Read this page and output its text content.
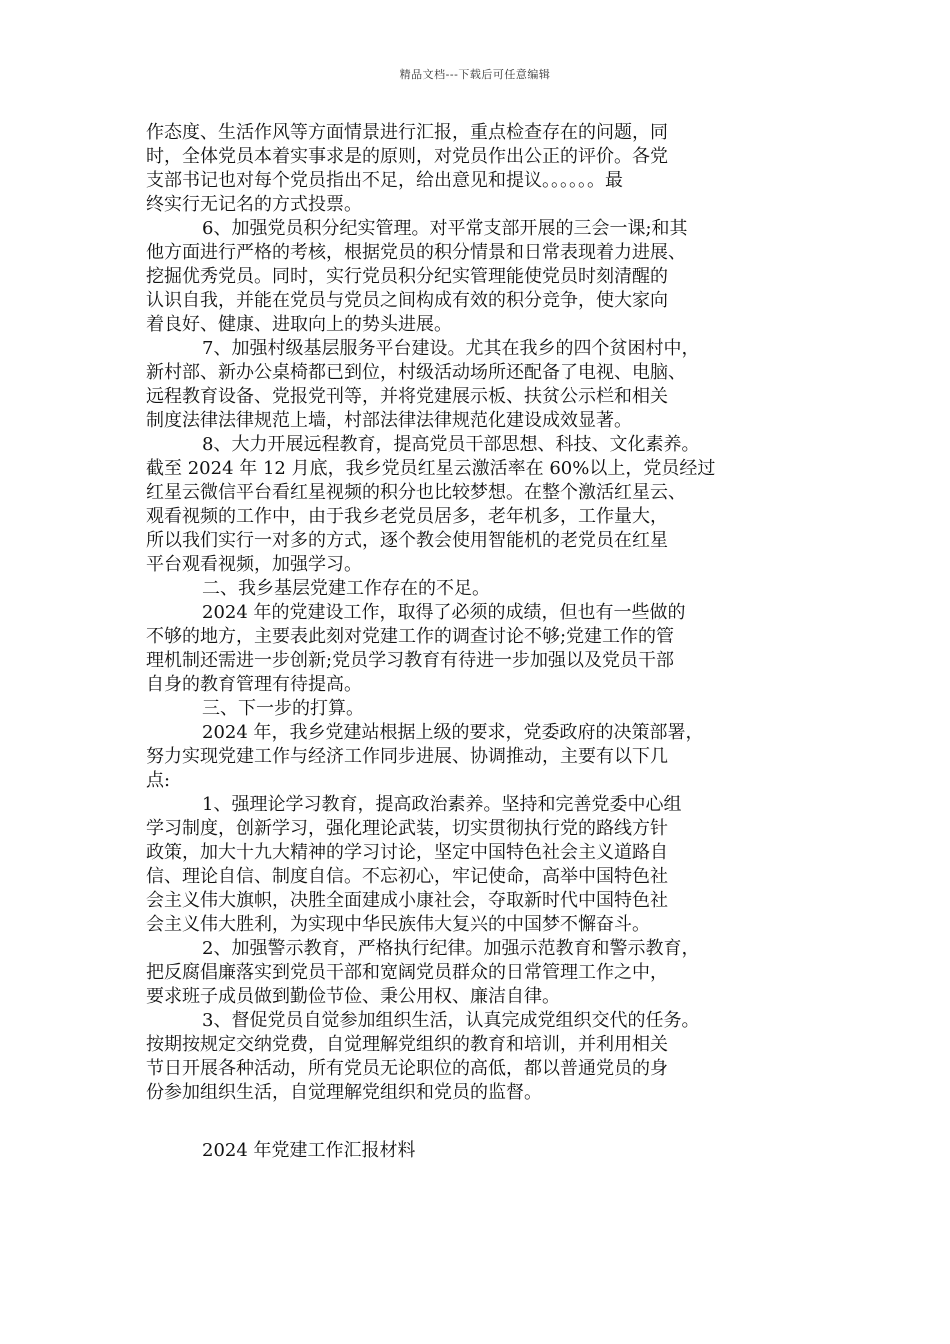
精品文档---下载后可任意编辑
作态度、生活作风等方面情景进行汇报，重点检查存在的问题，同
时，全体党员本着实事求是的原则，对党员作出公正的评价。各党
支部书记也对每个党员指出不足，给出意见和提议。。。。。。最
终实行无记名的方式投票。
6、加强党员积分纪实管理。对平常支部开展的三会一课;和其
他方面进行严格的考核，根据党员的积分情景和日常表现着力进展、
挖掘优秀党员。同时，实行党员积分纪实管理能使党员时刻清醒的
认识自我，并能在党员与党员之间构成有效的积分竞争，使大家向
着良好、健康、进取向上的势头进展。
7、加强村级基层服务平台建设。尤其在我乡的四个贫困村中，
新村部、新办公桌椅都已到位，村级活动场所还配备了电视、电脑、
远程教育设备、党报党刊等，并将党建展示板、扶贫公示栏和相关
制度法律法律规范上墙，村部法律法律规范化建设成效显著。
8、大力开展远程教育，提高党员干部思想、科技、文化素养。
截至 2024 年 12 月底，我乡党员红星云激活率在 60%以上，党员经过
红星云微信平台看红星视频的积分也比较梦想。在整个激活红星云、
观看视频的工作中，由于我乡老党员居多，老年机多，工作量大，
所以我们实行一对多的方式，逐个教会使用智能机的老党员在红星
平台观看视频，加强学习。
二、我乡基层党建工作存在的不足。
2024 年的党建设工作，取得了必须的成绩，但也有一些做的
不够的地方，主要表此刻对党建工作的调查讨论不够;党建工作的管
理机制还需进一步创新;党员学习教育有待进一步加强以及党员干部
自身的教育管理有待提高。
三、下一步的打算。
2024 年，我乡党建站根据上级的要求，党委政府的决策部署，
努力实现党建工作与经济工作同步进展、协调推动，主要有以下几
点:
1、强理论学习教育，提高政治素养。坚持和完善党委中心组
学习制度，创新学习，强化理论武装，切实贯彻执行党的路线方针
政策，加大十九大精神的学习讨论，坚定中国特色社会主义道路自
信、理论自信、制度自信。不忘初心，牢记使命，高举中国特色社
会主义伟大旗帜，决胜全面建成小康社会，夺取新时代中国特色社
会主义伟大胜利，为实现中华民族伟大复兴的中国梦不懈奋斗。
2、加强警示教育，严格执行纪律。加强示范教育和警示教育，
把反腐倡廉落实到党员干部和宽阔党员群众的日常管理工作之中，
要求班子成员做到勤俭节俭、秉公用权、廉洁自律。
3、督促党员自觉参加组织生活，认真完成党组织交代的任务。
按期按规定交纳党费，自觉理解党组织的教育和培训，并利用相关
节日开展各种活动，所有党员无论职位的高低，都以普通党员的身
份参加组织生活，自觉理解党组织和党员的监督。
2024 年党建工作汇报材料
